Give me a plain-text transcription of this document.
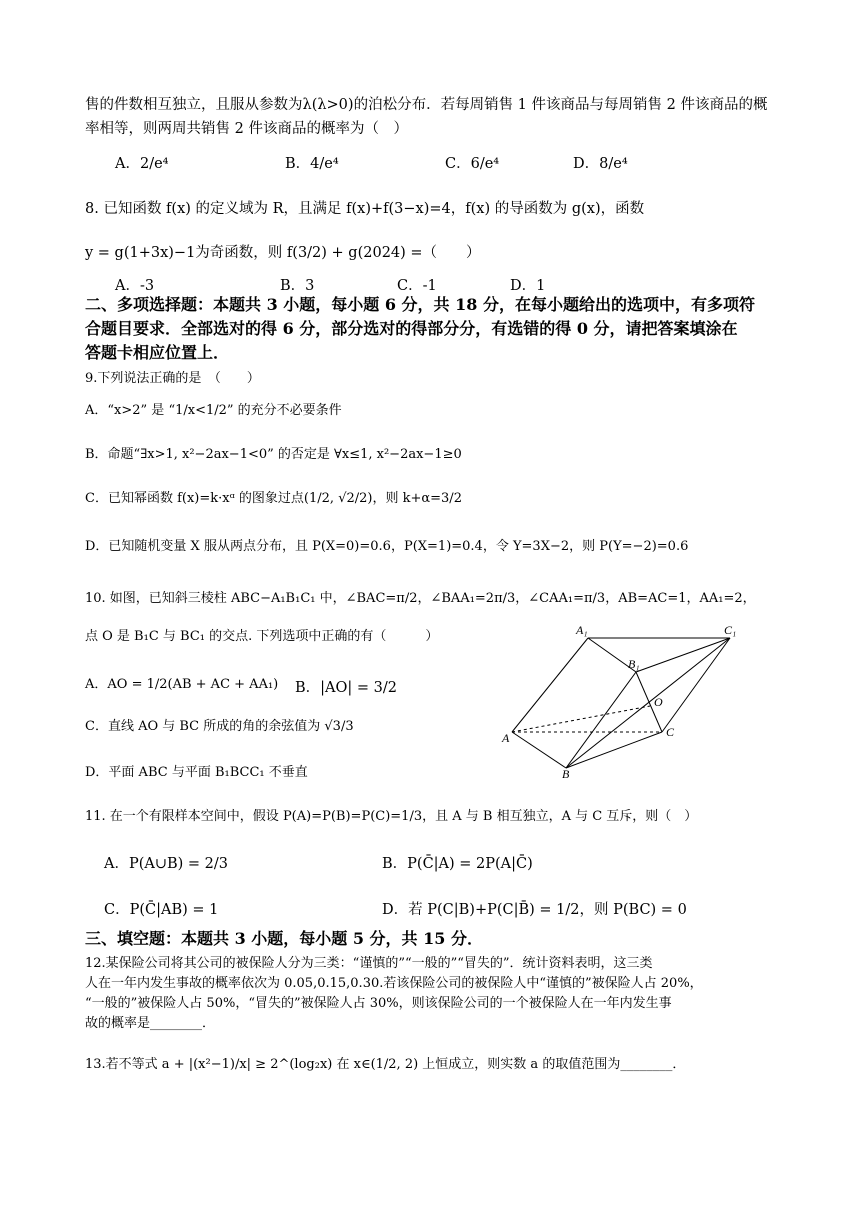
售的件数相互独立，且服从参数为λ(λ>0)的泊松分布．若每周销售 1 件该商品与每周销售 2 件该商品的概
率相等，则两周共销售 2 件该商品的概率为（　）
A．2/e⁴	B．4/e⁴	C．6/e⁴	D．8/e⁴
8. 已知函数 f(x) 的定义域为 R，且满足 f(x)+f(3−x)=4，f(x) 的导函数为 g(x)，函数
y = g(1+3x)−1为奇函数，则 f(3/2) + g(2024) =（　　）
A．-3	B．3	C．-1	D．1
二、多项选择题：本题共 3 小题，每小题 6 分，共 18 分，在每小题给出的选项中，有多项符
合题目要求．全部选对的得 6 分，部分选对的得部分分，有选错的得 0 分，请把答案填涂在
答题卡相应位置上．
9.下列说法正确的是　（　　）
A．“x>2” 是 “1/x<1/2” 的充分不必要条件
B．命题“∃x>1, x²−2ax−1<0” 的否定是 ∀x≤1, x²−2ax−1≥0
C．已知幂函数 f(x)=k·xᵅ 的图象过点(1/2, √2/2)，则 k+α=3/2
D．已知随机变量 X 服从两点分布，且 P(X=0)=0.6，P(X=1)=0.4，令 Y=3X−2，则 P(Y=−2)=0.6
10. 如图，已知斜三棱柱 ABC−A₁B₁C₁ 中，∠BAC=π/2，∠BAA₁=2π/3，∠CAA₁=π/3，AB=AC=1，AA₁=2，
点 O 是 B₁C 与 BC₁ 的交点. 下列选项中正确的有（　　　）
A．AO = 1/2(AB + AC + AA₁) B．|AO| = 3/2
C．直线 AO 与 BC 所成的角的余弦值为 √3/3
D．平面 ABC 与平面 B₁BCC₁ 不垂直
A₁	C₁
B₁
O
A	C
B
11. 在一个有限样本空间中，假设 P(A)=P(B)=P(C)=1/3，且 A 与 B 相互独立，A 与 C 互斥，则（　）
A．P(A∪B) = 2/3	B．P(C̄|A) = 2P(A|C̄)
C．P(C̄|AB) = 1	D．若 P(C|B)+P(C|B̄) = 1/2，则 P(BC) = 0
三、填空题：本题共 3 小题，每小题 5 分，共 15 分．
12.某保险公司将其公司的被保险人分为三类：“谨慎的”“一般的”“冒失的”．统计资料表明，这三类
人在一年内发生事故的概率依次为 0.05,0.15,0.30.若该保险公司的被保险人中“谨慎的”被保险人占 20%，
“一般的”被保险人占 50%，“冒失的”被保险人占 30%，则该保险公司的一个被保险人在一年内发生事
故的概率是________．
13.若不等式 a + |(x²−1)/x| ≥ 2^(log₂x) 在 x∈(1/2, 2) 上恒成立，则实数 a 的取值范围为________．
